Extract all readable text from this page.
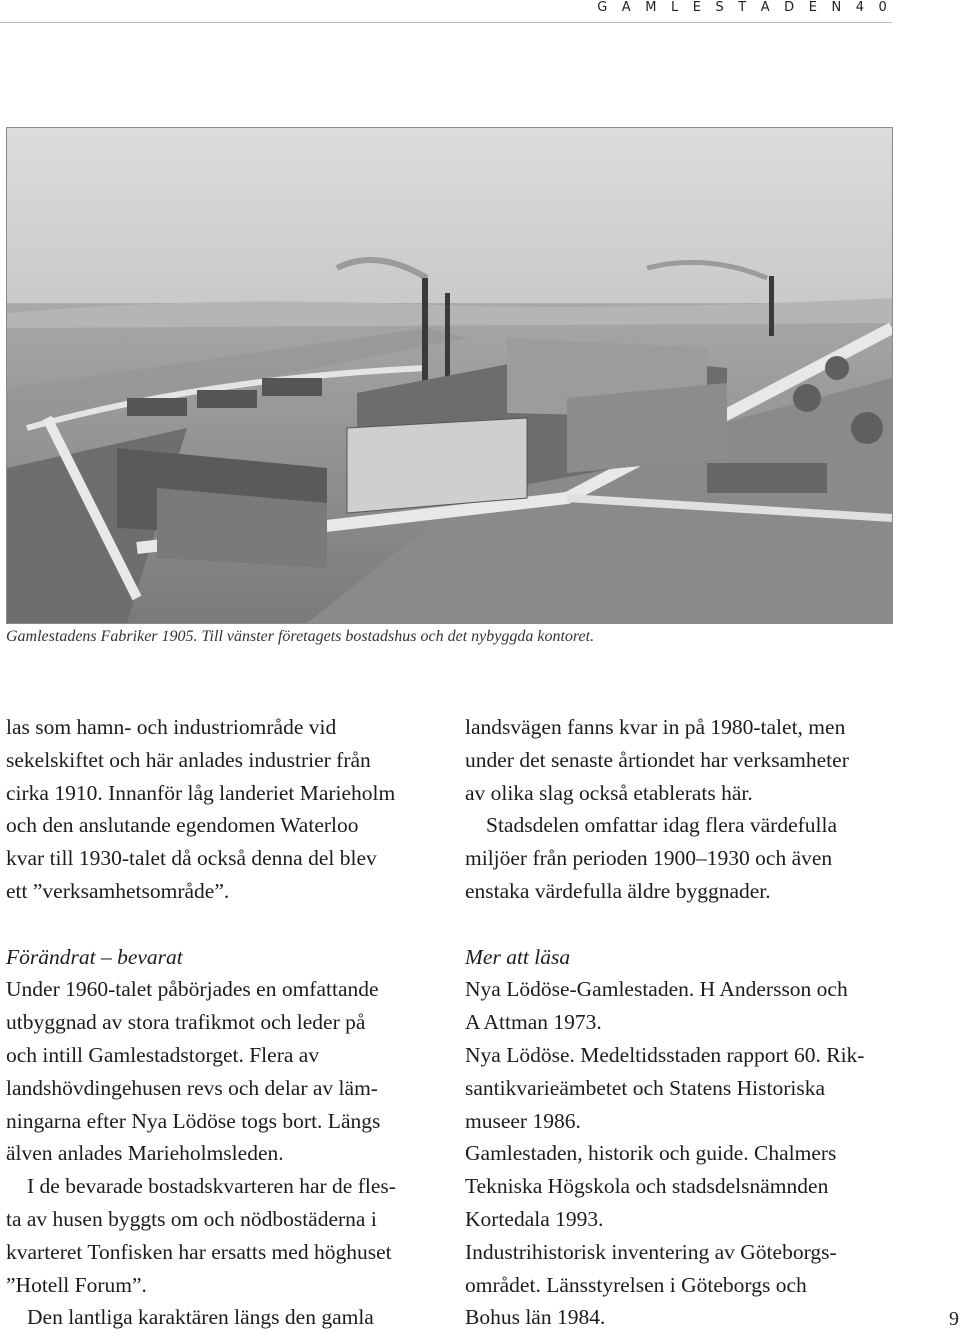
G A M L E S T A D E N 4 0
Gamlestadens Fabriker 1905. Till vänster företagets bostadshus och det nybyggda kontoret.

las som hamn- och industriområde vid
sekelskiftet och här anlades industrier från
cirka 1910. Innanför låg landeriet Marieholm
och den anslutande egendomen Waterloo
kvar till 1930-talet då också denna del blev
ett ”verksamhetsområde”.

Förändrat – bevarat

Under 1960-talet påbörjades en omfattande
utbyggnad av stora trafikmot och leder på
och intill Gamlestadstorget. Flera av
landshövdingehusen revs och delar av läm-
ningarna efter Nya Lödöse togs bort. Längs
älven anlades Marieholmsleden.

I de bevarade bostadskvarteren har de fles-
ta av husen byggts om och nödbostäderna i
kvarteret Tonfisken har ersatts med höghuset
”Hotell Forum”.

Den lantliga karaktären längs den gamla

landsvägen fanns kvar in på 1980-talet, men
under det senaste årtiondet har verksamheter
av olika slag också etablerats här.

Stadsdelen omfattar idag flera värdefulla
miljöer från perioden 1900–1930 och även
enstaka värdefulla äldre byggnader.

Mer att läsa

Nya Lödöse-Gamlestaden. H Andersson och
A Attman 1973.
Nya Lödöse. Medeltidsstaden rapport 60. Rik-
santikvarieämbetet och Statens Historiska
museer 1986.
Gamlestaden, historik och guide. Chalmers
Tekniska Högskola och stadsdelsnämnden
Kortedala 1993.
Industrihistorisk inventering av Göteborgs-
området. Länsstyrelsen i Göteborgs och
Bohus län 1984.	9
